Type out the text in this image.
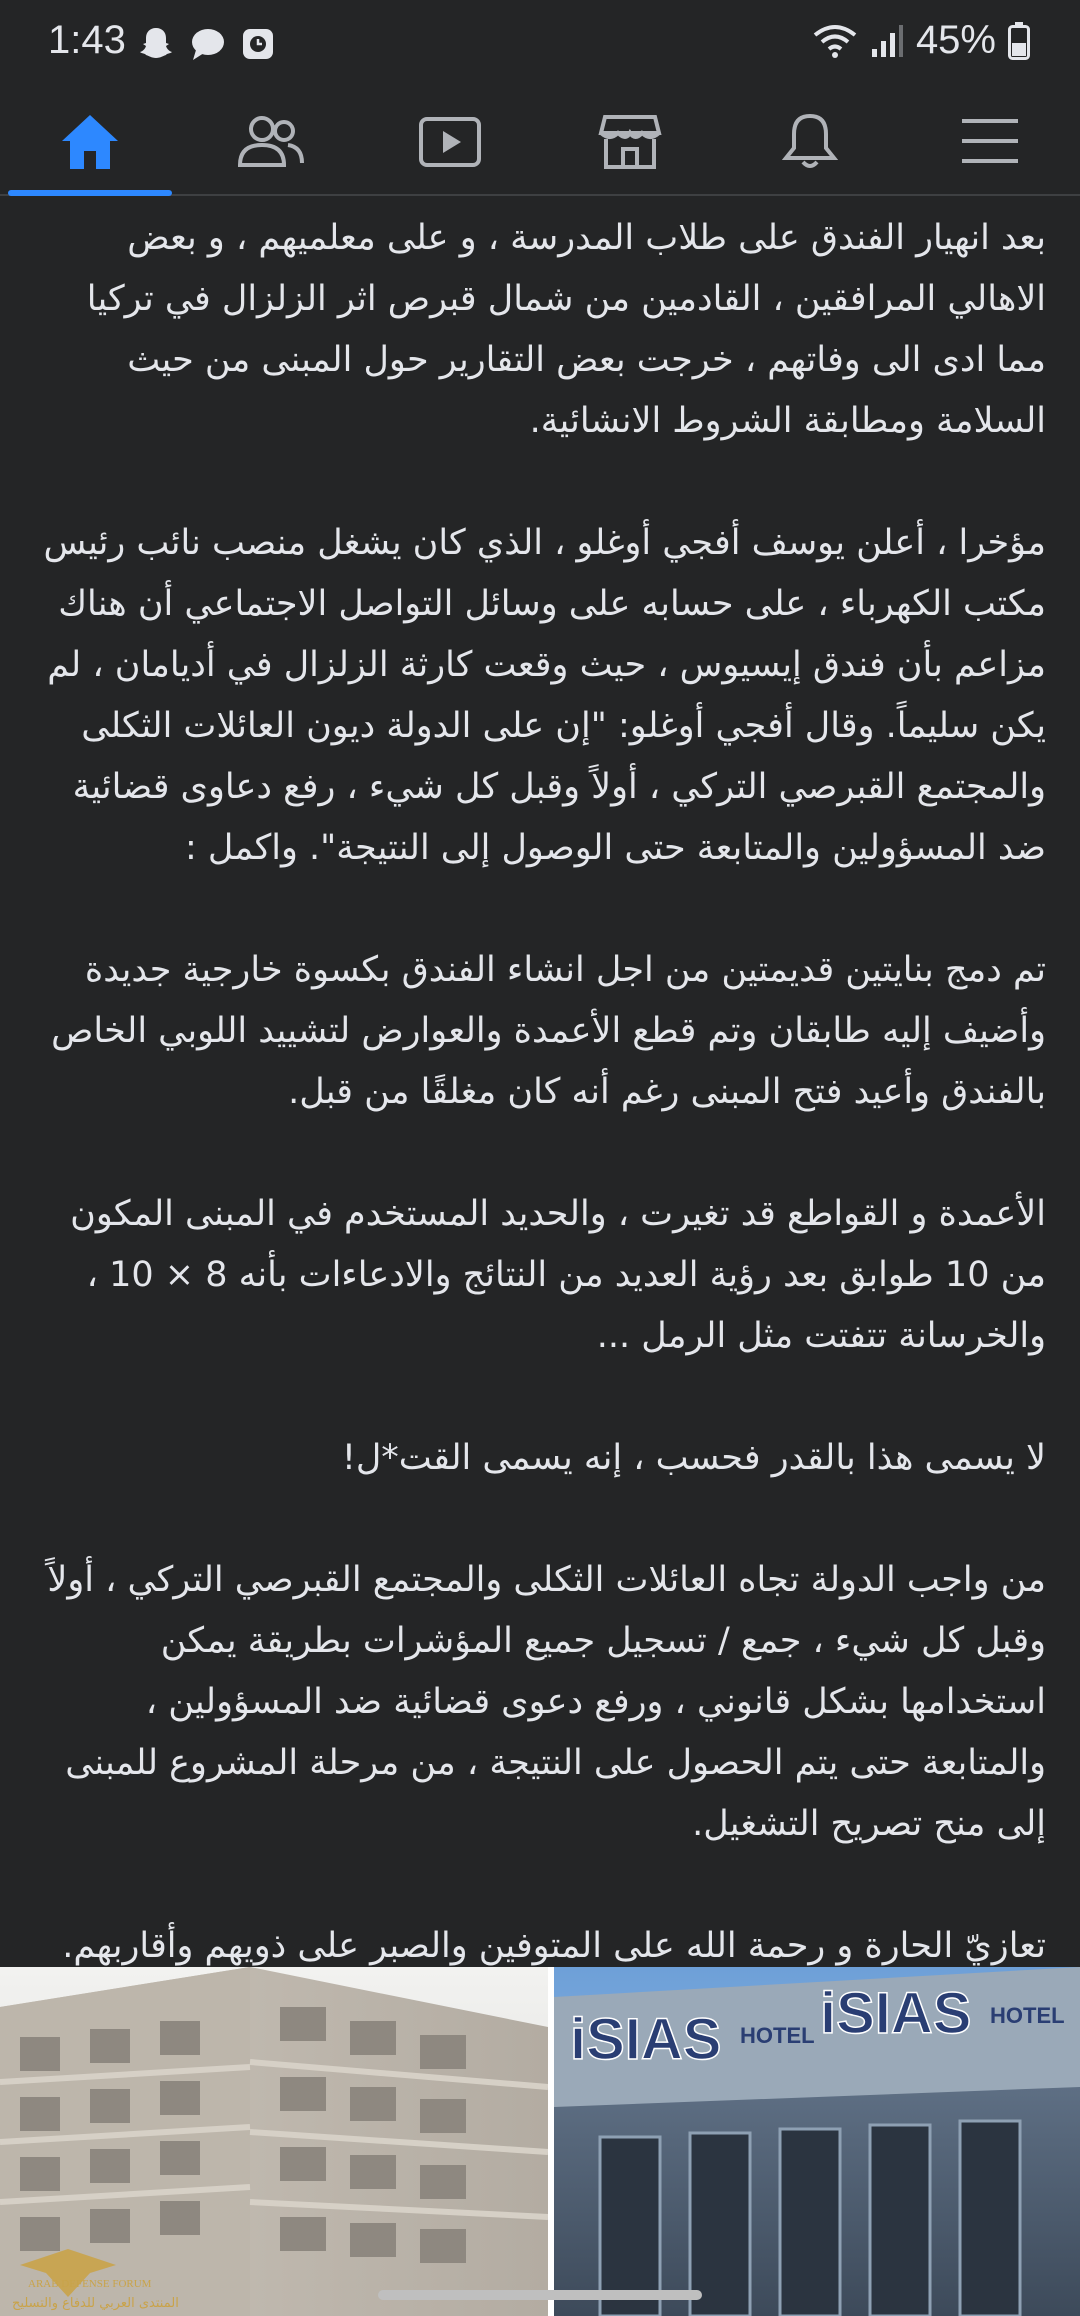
1:43	45%

بعد انهيار الفندق على طلاب المدرسة ، و على معلميهم ، و بعض الاهالي المرافقين ، القادمين من شمال قبرص اثر الزلزال في تركيا مما ادى الى وفاتهم ، خرجت بعض التقارير حول المبنى من حيث السلامة ومطابقة الشروط الانشائية.

مؤخرا ، أعلن يوسف أفجي أوغلو ، الذي كان يشغل منصب نائب رئيس مكتب الكهرباء ، على حسابه على وسائل التواصل الاجتماعي أن هناك مزاعم بأن فندق إيسيوس ، حيث وقعت كارثة الزلزال في أديامان ، لم يكن سليماً. وقال أفجي أوغلو: "إن على الدولة ديون العائلات الثكلى والمجتمع القبرصي التركي ، أولاً وقبل كل شيء ، رفع دعاوى قضائية ضد المسؤولين والمتابعة حتى الوصول إلى النتيجة". واكمل :

تم دمج بنايتين قديمتين من اجل انشاء الفندق بكسوة خارجية جديدة وأضيف إليه طابقان وتم قطع الأعمدة والعوارض لتشييد اللوبي الخاص بالفندق وأعيد فتح المبنى رغم أنه كان مغلقًا من قبل.

الأعمدة و القواطع قد تغيرت ، والحديد المستخدم في المبنى المكون من 10 طوابق بعد رؤية العديد من النتائج والادعاءات بأنه 8 × 10 ، والخرسانة تتفتت مثل الرمل ...

لا يسمى هذا بالقدر فحسب ، إنه يسمى القت*ل!

من واجب الدولة تجاه العائلات الثكلى والمجتمع القبرصي التركي ، أولاً وقبل كل شيء ، جمع / تسجيل جميع المؤشرات بطريقة يمكن استخدامها بشكل قانوني ، ورفع دعوى قضائية ضد المسؤولين ، والمتابعة حتى يتم الحصول على النتيجة ، من مرحلة المشروع للمبنى إلى منح تصريح التشغيل.

تعازيّ الحارة و رحمة الله على المتوفين والصبر على ذويهم وأقاربهم.

iSIAS HOTEL iSIAS HOTEL
ARAB DEFENSE FORUM
المنتدى العربي للدفاع والتسليح
